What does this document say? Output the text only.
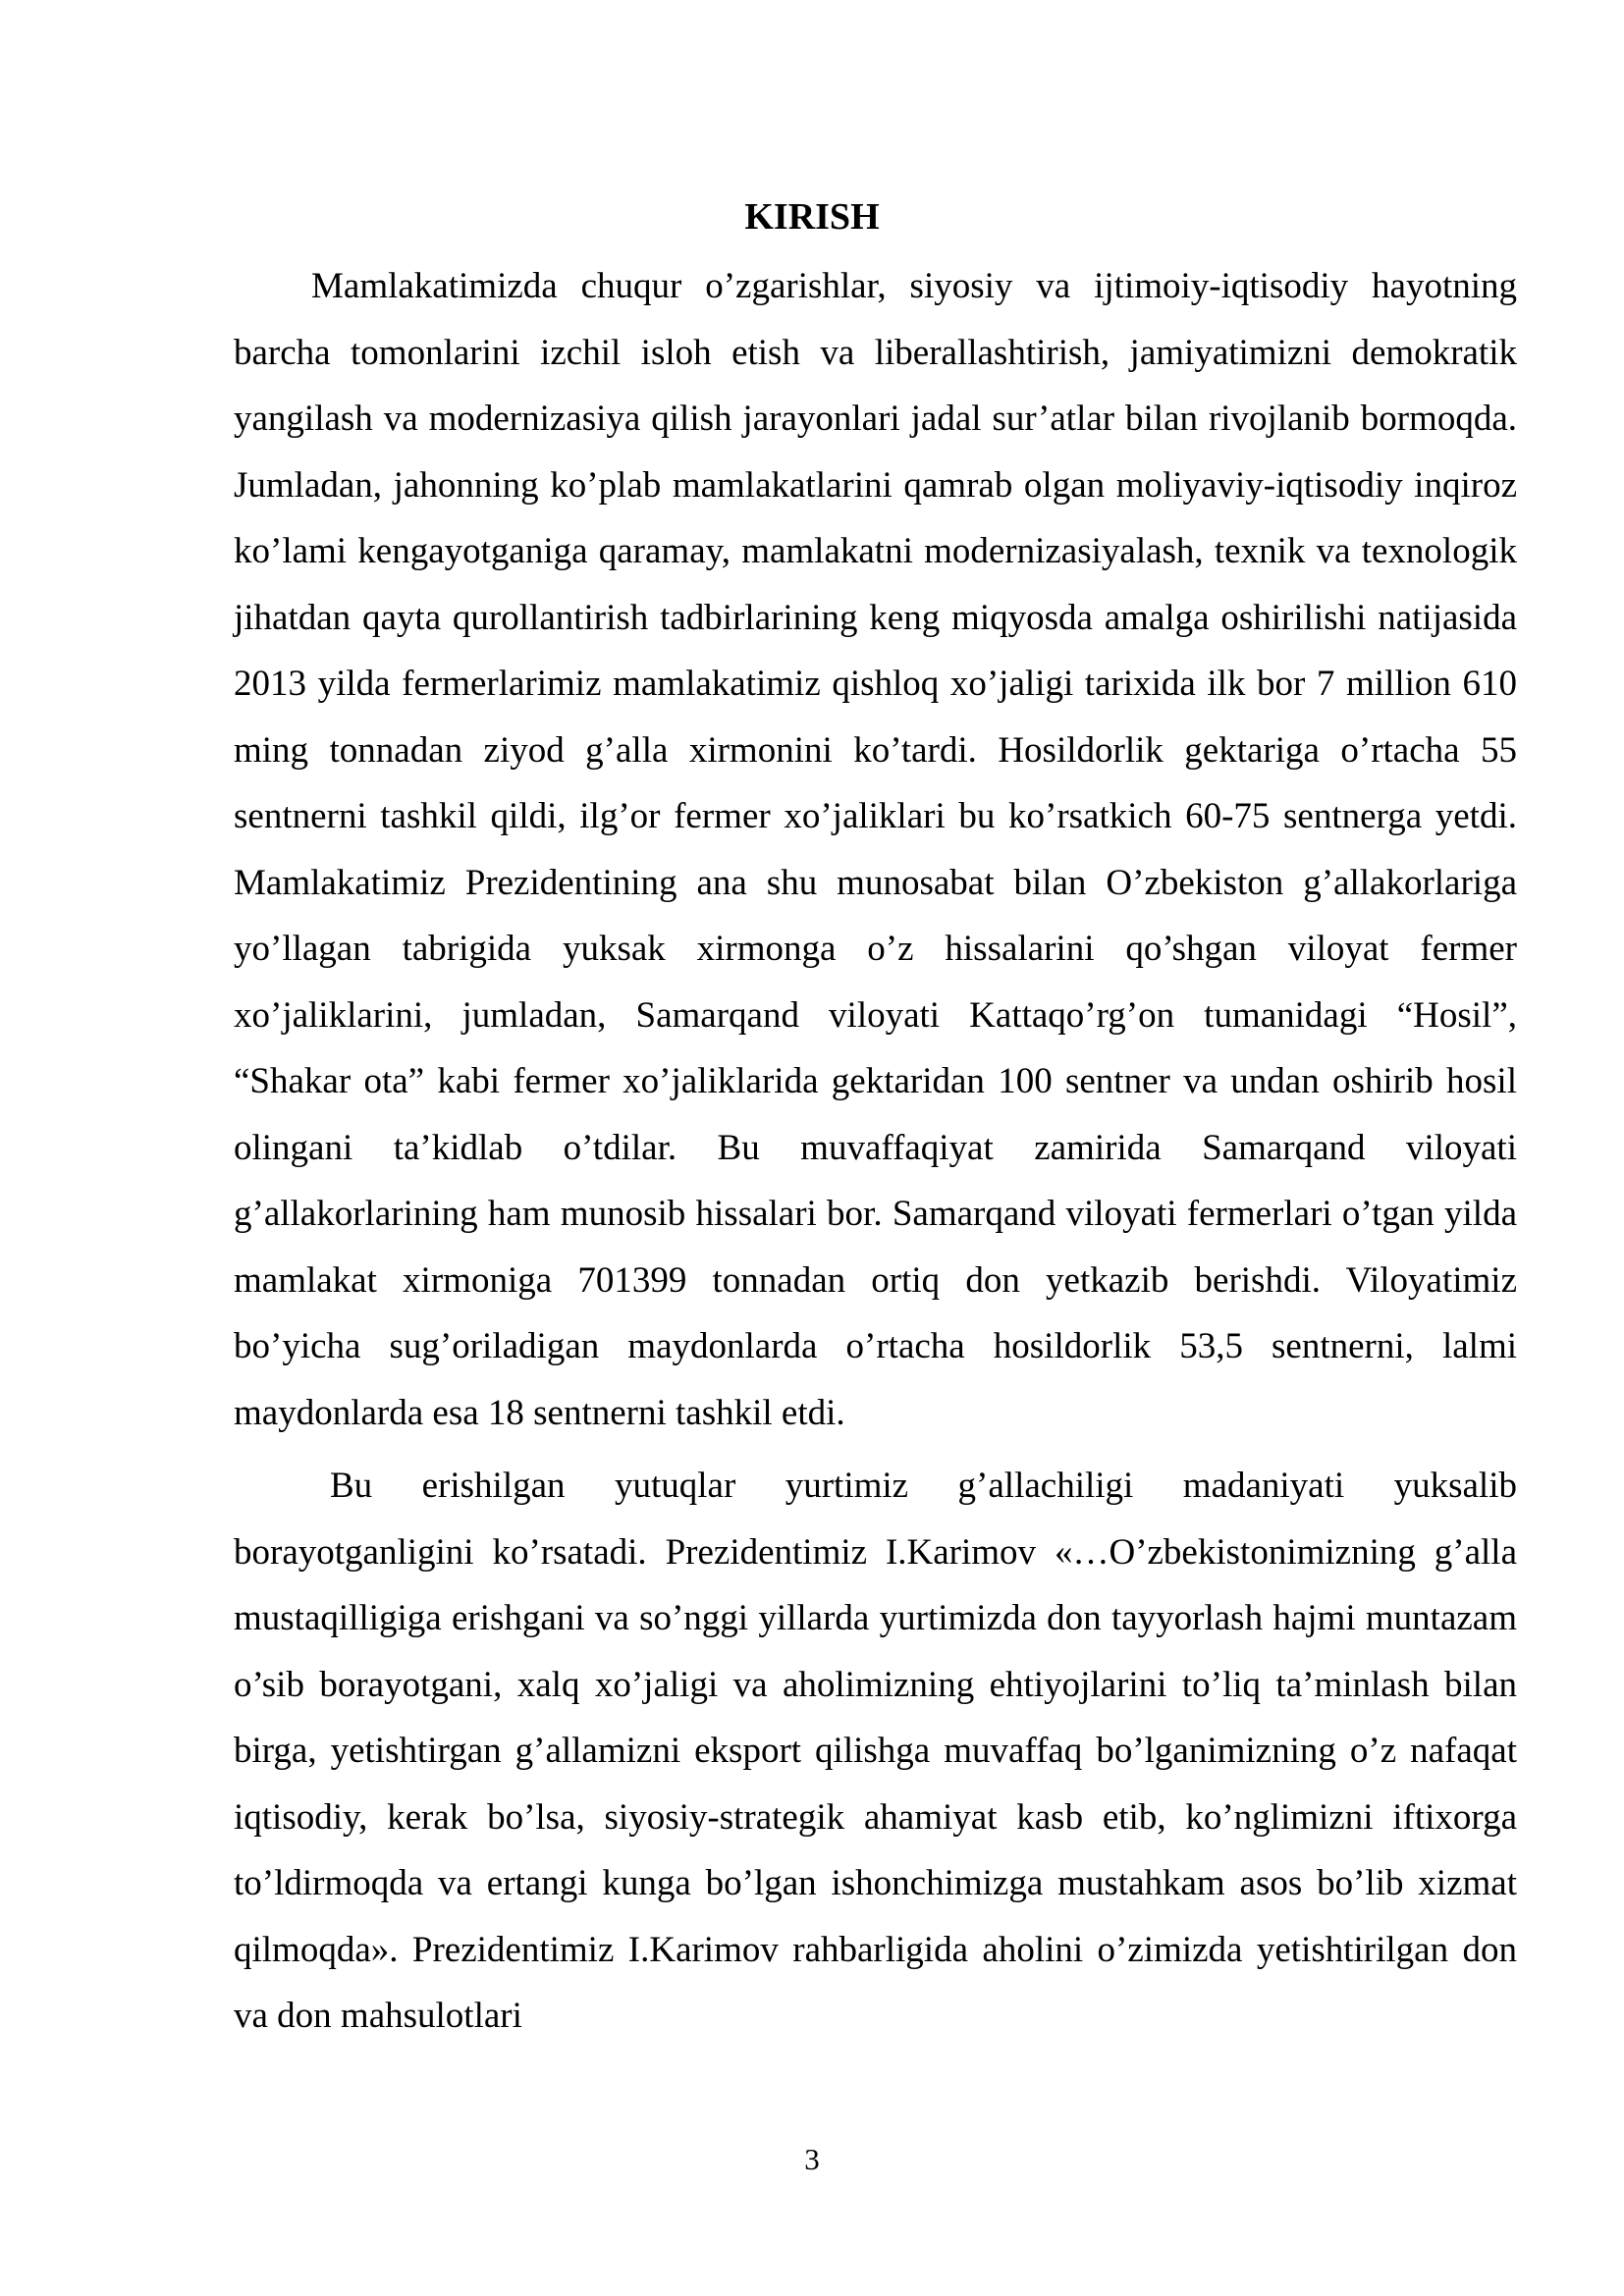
KIRISH

Mamlakatimizda chuqur o’zgarishlar, siyosiy va ijtimoiy-iqtisodiy hayotning barcha tomonlarini izchil isloh etish va liberallashtirish, jamiyatimizni demokratik yangilash va modernizasiya qilish jarayonlari jadal sur’atlar bilan rivojlanib bormoqda. Jumladan, jahonning ko’plab mamlakatlarini qamrab olgan moliyaviy-iqtisodiy inqiroz ko’lami kengayotganiga qaramay, mamlakatni modernizasiyalash, texnik va texnologik jihatdan qayta qurollantirish tadbirlarining keng miqyosda amalga oshirilishi natijasida 2013 yilda fermerlarimiz mamlakatimiz qishloq xo’jaligi tarixida ilk bor 7 million 610 ming tonnadan ziyod g’alla xirmonini ko’tardi. Hosildorlik gektariga o’rtacha 55 sentnerni tashkil qildi, ilg’or fermer xo’jaliklari bu ko’rsatkich 60-75 sentnerga yetdi. Mamlakatimiz Prezidentining ana shu munosabat bilan O’zbekiston g’allakorlariga yo’llagan tabrigida yuksak xirmonga o’z hissalarini qo’shgan viloyat fermer xo’jaliklarini, jumladan, Samarqand viloyati Kattaqo’rg’on tumanidagi “Hosil”, “Shakar ota” kabi fermer xo’jaliklarida gektaridan 100 sentner va undan oshirib hosil olingani ta’kidlab o’tdilar. Bu muvaffaqiyat zamirida Samarqand viloyati g’allakorlarining ham munosib hissalari bor. Samarqand viloyati fermerlari o’tgan yilda mamlakat xirmoniga 701399 tonnadan ortiq don yetkazib berishdi. Viloyatimiz bo’yicha sug’oriladigan maydonlarda o’rtacha hosildorlik 53,5 sentnerni, lalmi maydonlarda esa 18 sentnerni tashkil etdi.

Bu erishilgan yutuqlar yurtimiz g’allachiligi madaniyati yuksalib borayotganligini ko’rsatadi. Prezidentimiz I.Karimov «…O’zbekistonimizning g’alla mustaqilligiga erishgani va so’nggi yillarda yurtimizda don tayyorlash hajmi muntazam o’sib borayotgani, xalq xo’jaligi va aholimizning ehtiyojlarini to’liq ta’minlash bilan birga, yetishtirgan g’allamizni eksport qilishga muvaffaq bo’lganimizning o’z nafaqat iqtisodiy, kerak bo’lsa, siyosiy-strategik ahamiyat kasb etib, ko’nglimizni iftixorga to’ldirmoqda va ertangi kunga bo’lgan ishonchimizga mustahkam asos bo’lib xizmat qilmoqda». Prezidentimiz I.Karimov rahbarligida aholini o’zimizda yetishtirilgan don va don mahsulotlari

3
